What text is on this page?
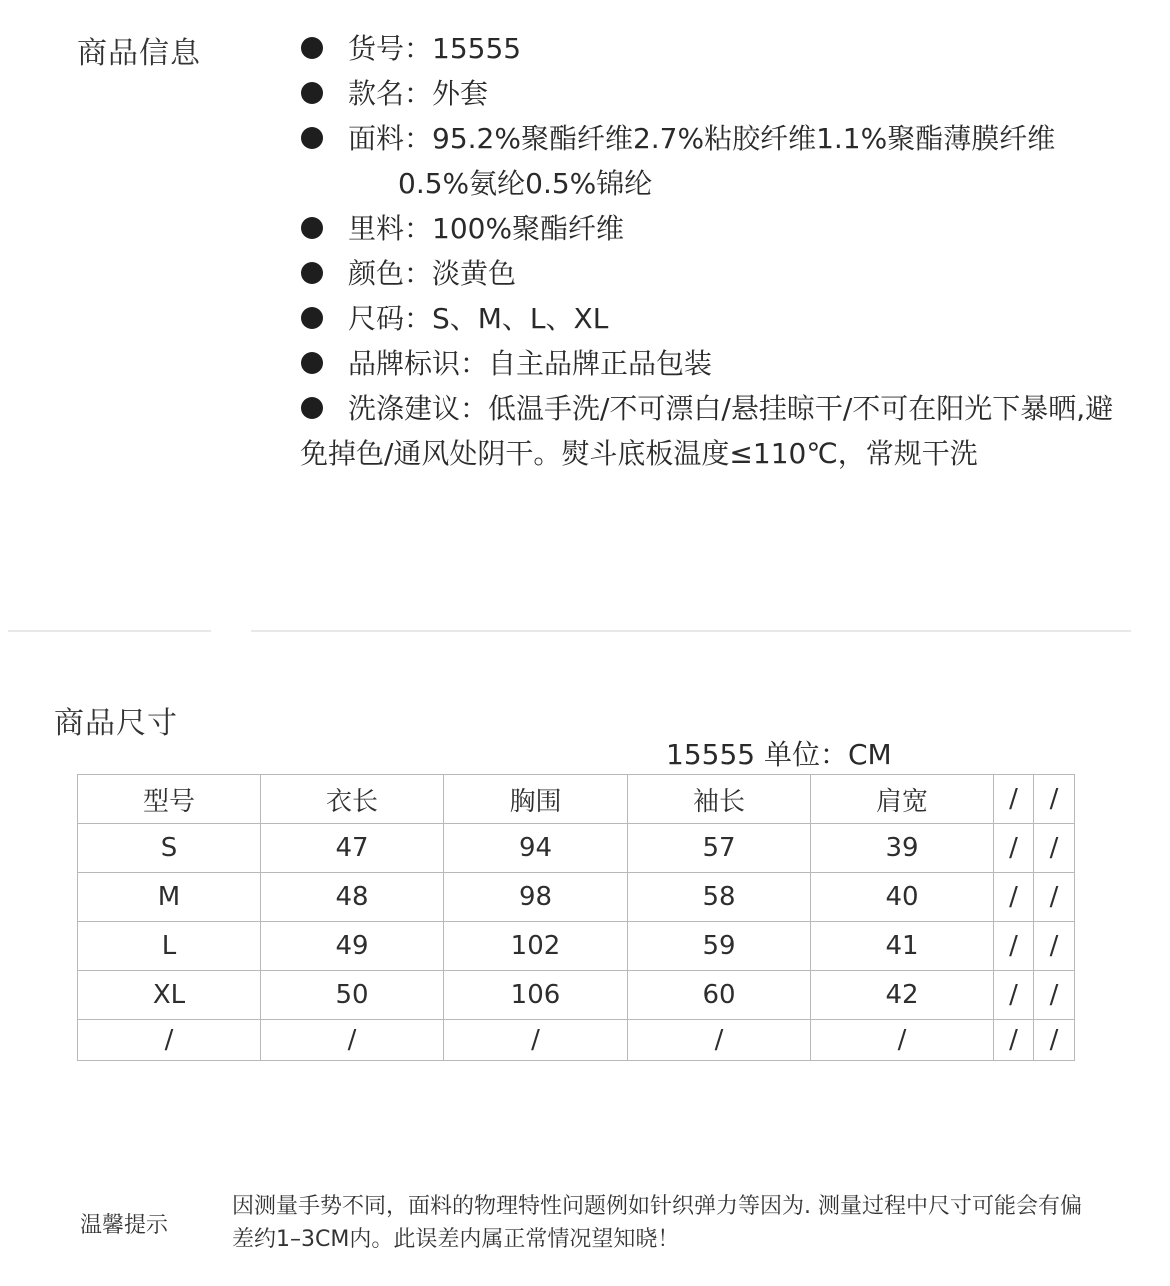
商品信息	货号：15555
款名：外套
面料：95.2%聚酯纤维2.7%粘胶纤维1.1%聚酯薄膜纤维
0.5%氨纶0.5%锦纶
里料：100%聚酯纤维
颜色：淡黄色
尺码：S、M、L、XL
品牌标识：自主品牌正品包装
洗涤建议：低温手洗/不可漂白/悬挂晾干/不可在阳光下暴晒,避免掉色/通风处阴干。熨斗底板温度≤110℃，常规干洗
商品尺寸
15555 单位：CM
型号	衣长	胸围	袖长	肩宽	/	/
S	47	94	57	39	/	/
M	48	98	58	40	/	/
L	49	102	59	41	/	/
XL	50	106	60	42	/	/
/	/	/	/	/	/	/
温馨提示
因测量手势不同，面料的物理特性问题例如针织弹力等因为. 测量过程中尺寸可能会有偏差约1–3CM内。此误差内属正常情况望知晓！
